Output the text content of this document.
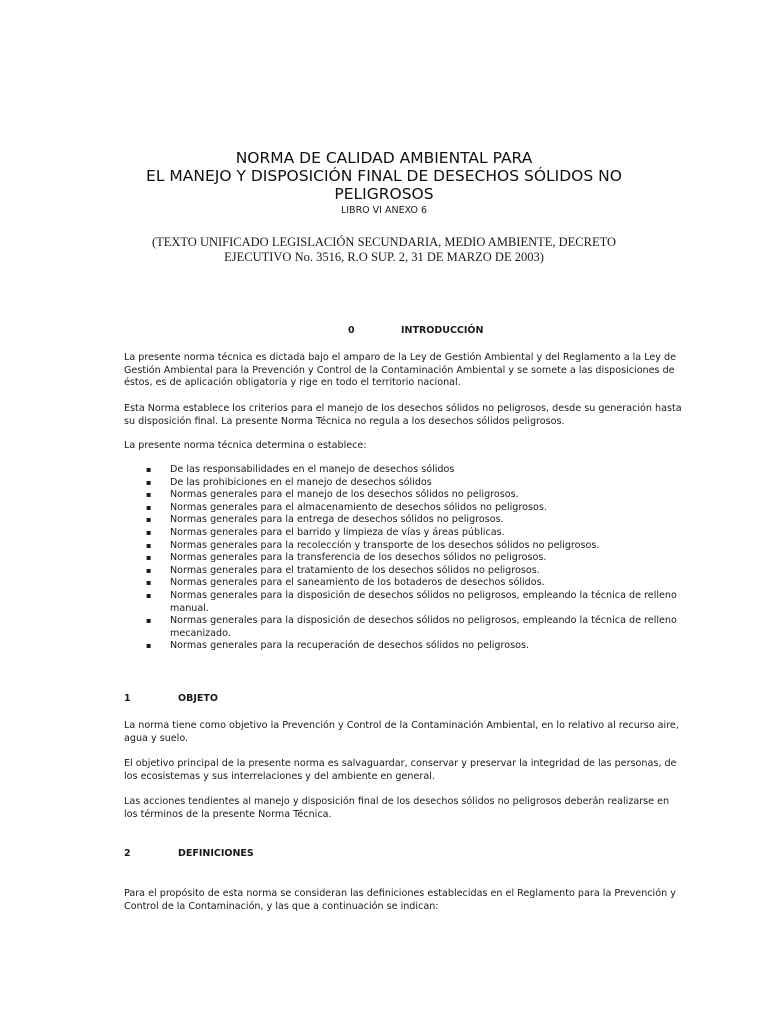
NORMA DE CALIDAD AMBIENTAL PARA
EL MANEJO Y DISPOSICIÓN FINAL DE DESECHOS SÓLIDOS NO
PELIGROSOS
LIBRO VI ANEXO 6
(TEXTO UNIFICADO LEGISLACIÓN SECUNDARIA, MEDIO AMBIENTE, DECRETO EJECUTIVO No. 3516, R.O SUP. 2, 31 DE MARZO DE 2003)
0	INTRODUCCIÓN
La presente norma técnica es dictada bajo el amparo de la Ley de Gestión Ambiental y del Reglamento a la Ley de
Gestión Ambiental para la Prevención y Control de la Contaminación Ambiental y se somete a las disposiciones de
éstos, es de aplicación obligatoria y rige en todo el territorio nacional.
Esta Norma establece los criterios para el manejo de los desechos sólidos no peligrosos, desde su generación hasta
su disposición final. La presente Norma Técnica no regula a los desechos sólidos peligrosos.
La presente norma técnica determina o establece:
▪ De las responsabilidades en el manejo de desechos sólidos
▪ De las prohibiciones en el manejo de desechos sólidos
▪ Normas generales para el manejo de los desechos sólidos no peligrosos.
▪ Normas generales para el almacenamiento de desechos sólidos no peligrosos.
▪ Normas generales para la entrega de desechos sólidos no peligrosos.
▪ Normas generales para el barrido y limpieza de vías y áreas públicas.
▪ Normas generales para la recolección y transporte de los desechos sólidos no peligrosos.
▪ Normas generales para la transferencia de los desechos sólidos no peligrosos.
▪ Normas generales para el tratamiento de los desechos sólidos no peligrosos.
▪ Normas generales para el saneamiento de los botaderos de desechos sólidos.
▪ Normas generales para la disposición de desechos sólidos no peligrosos, empleando la técnica de relleno
manual.
▪ Normas generales para la disposición de desechos sólidos no peligrosos, empleando la técnica de relleno
mecanizado.
▪ Normas generales para la recuperación de desechos sólidos no peligrosos.
1	OBJETO
La norma tiene como objetivo la Prevención y Control de la Contaminación Ambiental, en lo relativo al recurso aire,
agua y suelo.
El objetivo principal de la presente norma es salvaguardar, conservar y preservar la integridad de las personas, de
los ecosistemas y sus interrelaciones y del ambiente en general.
Las acciones tendientes al manejo y disposición final de los desechos sólidos no peligrosos deberán realizarse en
los términos de la presente Norma Técnica.
2	DEFINICIONES
Para el propósito de esta norma se consideran las definiciones establecidas en el Reglamento para la Prevención y
Control de la Contaminación, y las que a continuación se indican:
